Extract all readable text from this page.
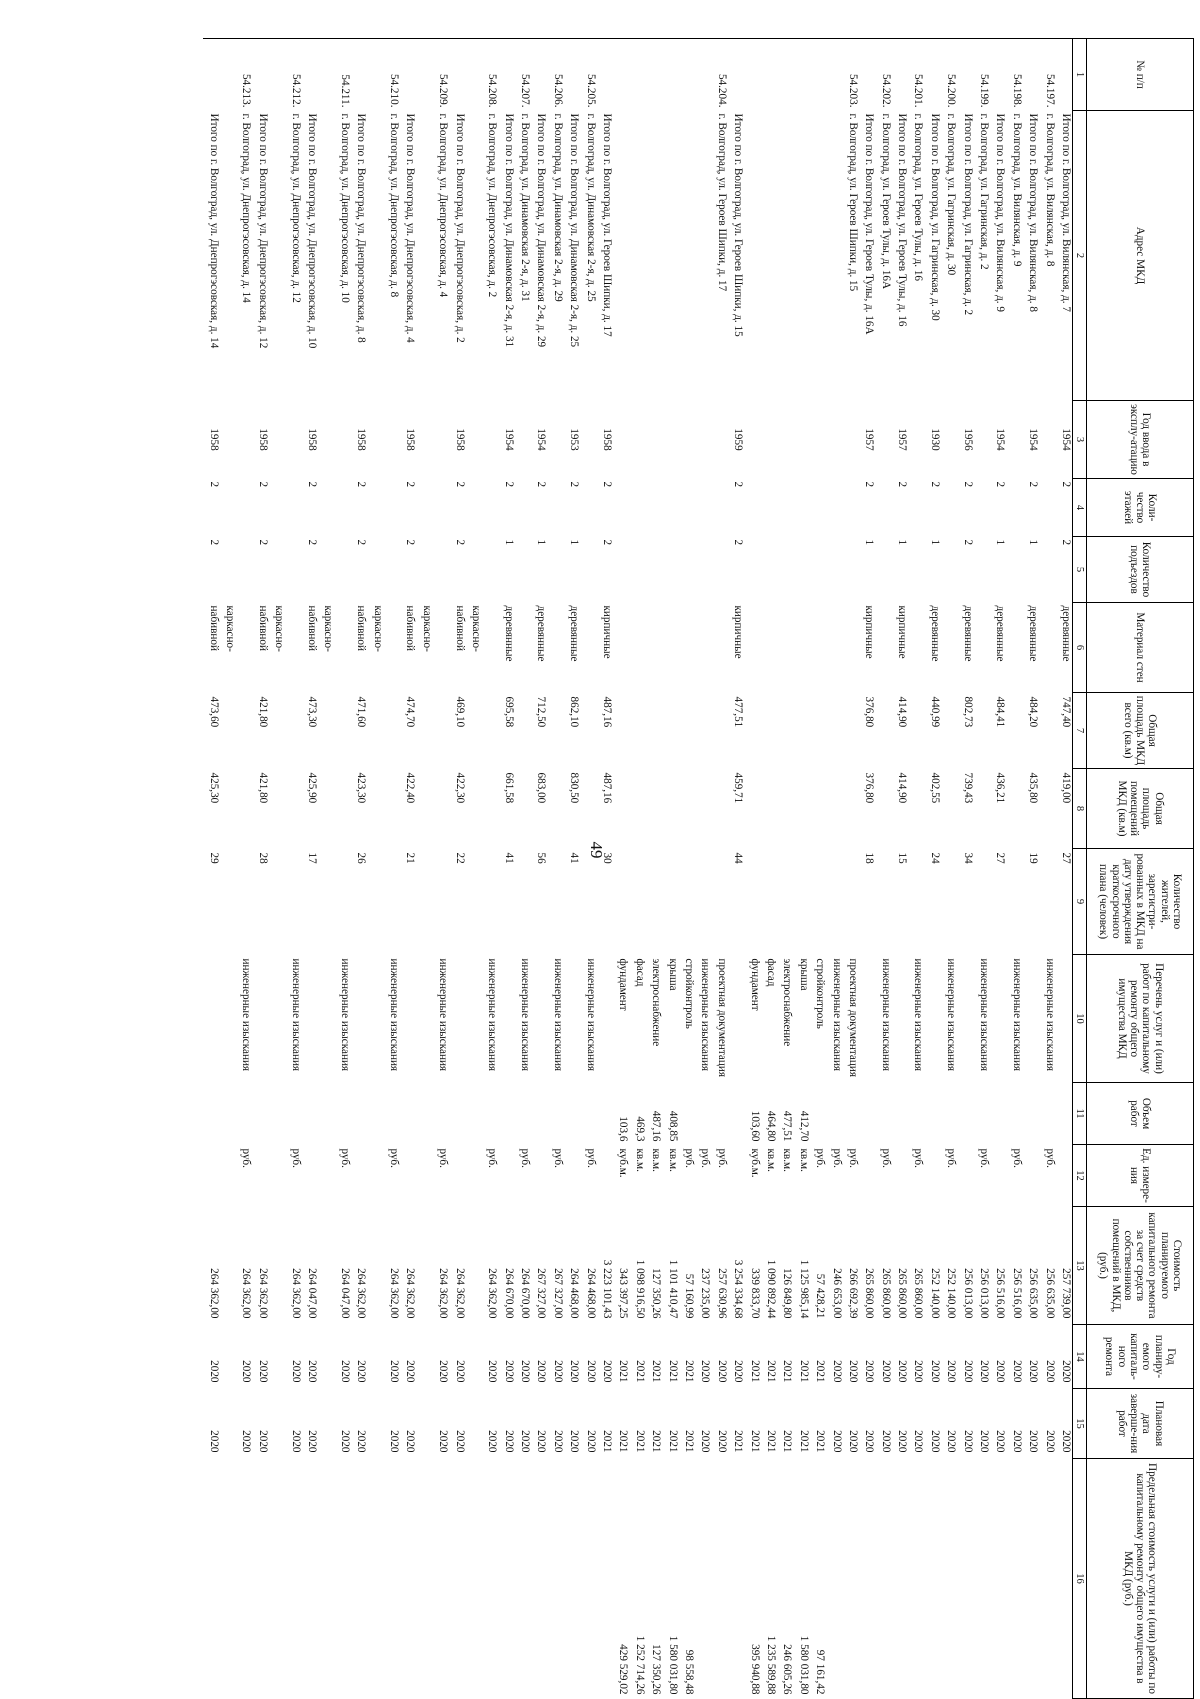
49
№ п/п	Адрес МКД	Год ввода в эксплу-атацию	Коли-чество этажей	Количество подъездов	Материал стен	Общая площадь МКД всего (кв.м)	Общая площадь помещений МКД (кв.м)	Количество жителей, зарегистри-рованных в МКД на дату утверждения краткосрочного плана (человек)	Перечень услуг и (или) работ по капитальному ремонту общего имущества МКД	Объем работ	Ед. измере-ния	Стоимость планируемого капитального ремонта за счет средств собственников помещений в МКД, (руб.)	Год планиру-емого капиталь-ного ремонта	Плановая дата заверше-ния работ	Предельная стоимость услуги и (или) работы по капитальному ремонту общего имущества в МКД (руб.)
1	2	3	4	5	6	7	8	9	10	11	12	13	14	15	16
	Итого по г. Волгоград, ул. Вилянская, д. 7	1954	2	2	деревянные	747,40	419,00	27				257 739,00	2020	2020	
54.197.	г. Волгоград, ул. Вилянская, д. 8								инженерные изыскания		руб.	256 635,00	2020	2020	
	Итого по г. Волгоград, ул. Вилянская, д. 8	1954	2	1	деревянные	484,20	435,80	19				256 635,00	2020	2020	
54.198.	г. Волгоград, ул. Вилянская, д. 9								инженерные изыскания		руб.	256 516,00	2020	2020	
	Итого по г. Волгоград, ул. Вилянская, д. 9	1954	2	1	деревянные	484,41	436,21	27				256 516,00	2020	2020	
54.199.	г. Волгоград, ул. Гагринская, д. 2								инженерные изыскания		руб.	256 013,00	2020	2020	
	Итого по г. Волгоград, ул. Гагринская, д. 2	1956	2	2	деревянные	802,73	739,43	34				256 013,00	2020	2020	
54.200.	г. Волгоград, ул. Гагринская, д. 30								инженерные изыскания		руб.	252 140,00	2020	2020	
	Итого по г. Волгоград, ул. Гагринская, д. 30	1930	2	1	деревянные	440,99	402,55	24				252 140,00	2020	2020	
54.201.	г. Волгоград, ул. Героев Тулы, д. 16								инженерные изыскания		руб.	265 860,00	2020	2020	
	Итого по г. Волгоград, ул. Героев Тулы, д. 16	1957	2	1	кирпичные	414,90	414,90	15				265 860,00	2020	2020	
54.202.	г. Волгоград, ул. Героев Тулы, д. 16А								инженерные изыскания		руб.	265 860,00	2020	2020	
	Итого по г. Волгоград, ул. Героев Тулы, д. 16А	1957	2	1	кирпичные	376,80	376,80	18				265 860,00	2020	2020	
54.203.	г. Волгоград, ул. Героев Шипки, д. 15								проектная документация		руб.	266 692,39	2020	2020	
									инженерные изыскания		руб.	246 653,00	2020	2020	
									стройконтроль		руб.	57 428,21	2021	2021	97 161,42
									крыша	412,70	кв.м.	1 125 985,14	2021	2021	1 580 031,80
									электроснабжение	477,51	кв.м.	126 849,80	2021	2021	246 605,26
									фасад	464,80	кв.м.	1 090 892,44	2021	2021	1 235 589,88
									фундамент	103,60	куб.м.	339 833,70	2021	2021	395 940,88
	Итого по г. Волгоград, ул. Героев Шипки, д. 15	1959	2	2	кирпичные	477,51	459,71	44				3 254 334,68	2020	2021	
54.204.	г. Волгоград, ул. Героев Шипки, д. 17								проектная документация		руб.	257 630,96	2020	2020	
									инженерные изыскания		руб.	237 235,00	2020	2020	
									стройконтроль		руб.	57 160,99	2021	2021	98 558,48
									крыша	408,85	кв.м.	1 101 410,47	2021	2021	1 580 031,80
									электроснабжение	487,16	кв.м.	127 350,26	2021	2021	127 350,26
									фасад	469,3	кв.м.	1 098 916,50	2021	2021	1 252 714,26
									фундамент	103,6	куб.м.	343 397,25	2021	2021	429 529,02
	Итого по г. Волгоград, ул. Героев Шипки, д. 17	1958	2	2	кирпичные	487,16	487,16	30				3 223 101,43	2020	2021	
54.205.	г. Волгоград, ул. Динамовская 2-я, д. 25								инженерные изыскания		руб.	264 468,00	2020	2020	
	Итого по г. Волгоград, ул. Динамовская 2-я, д. 25	1953	2	1	деревянные	862,10	830,50	41				264 468,00	2020	2020	
54.206.	г. Волгоград, ул. Динамовская 2-я, д. 29								инженерные изыскания		руб.	267 327,00	2020	2020	
	Итого по г. Волгоград, ул. Динамовская 2-я, д. 29	1954	2	1	деревянные	712,50	683,00	56				267 327,00	2020	2020	
54.207.	г. Волгоград, ул. Динамовская 2-я, д. 31								инженерные изыскания		руб.	264 670,00	2020	2020	
	Итого по г. Волгоград, ул. Динамовская 2-я, д. 31	1954	2	1	деревянные	695,58	661,58	41				264 670,00	2020	2020	
54.208.	г. Волгоград, ул. Днепрогэсовская, д. 2								инженерные изыскания		руб.	264 362,00	2020	2020	
					каркасно-										
	Итого по г. Волгоград, ул. Днепрогэсовская, д. 2	1958	2	2	набивной	469,10	422,30	22				264 362,00	2020	2020	
54.209.	г. Волгоград, ул. Днепрогэсовская, д. 4								инженерные изыскания		руб.	264 362,00	2020	2020	
					каркасно-										
	Итого по г. Волгоград, ул. Днепрогэсовская, д. 4	1958	2	2	набивной	474,70	422,40	21				264 362,00	2020	2020	
54.210.	г. Волгоград, ул. Днепрогэсовская, д. 8								инженерные изыскания		руб.	264 362,00	2020	2020	
					каркасно-										
	Итого по г. Волгоград, ул. Днепрогэсовская, д. 8	1958	2	2	набивной	471,60	423,30	26				264 362,00	2020	2020	
54.211.	г. Волгоград, ул. Днепрогэсовская, д. 10								инженерные изыскания		руб.	264 047,00	2020	2020	
					каркасно-										
	Итого по г. Волгоград, ул. Днепрогэсовская, д. 10	1958	2	2	набивной	473,30	425,90	17				264 047,00	2020	2020	
54.212.	г. Волгоград, ул. Днепрогэсовская, д. 12								инженерные изыскания		руб.	264 362,00	2020	2020	
					каркасно-										
	Итого по г. Волгоград, ул. Днепрогэсовская, д. 12	1958	2	2	набивной	421,80	421,80	28				264 362,00	2020	2020	
54.213.	г. Волгоград, ул. Днепрогэсовская, д. 14								инженерные изыскания		руб.	264 362,00	2020	2020	
					каркасно-										
	Итого по г. Волгоград, ул. Днепрогэсовская, д. 14	1958	2	2	набивной	473,60	425,30	29				264 362,00	2020	2020	
